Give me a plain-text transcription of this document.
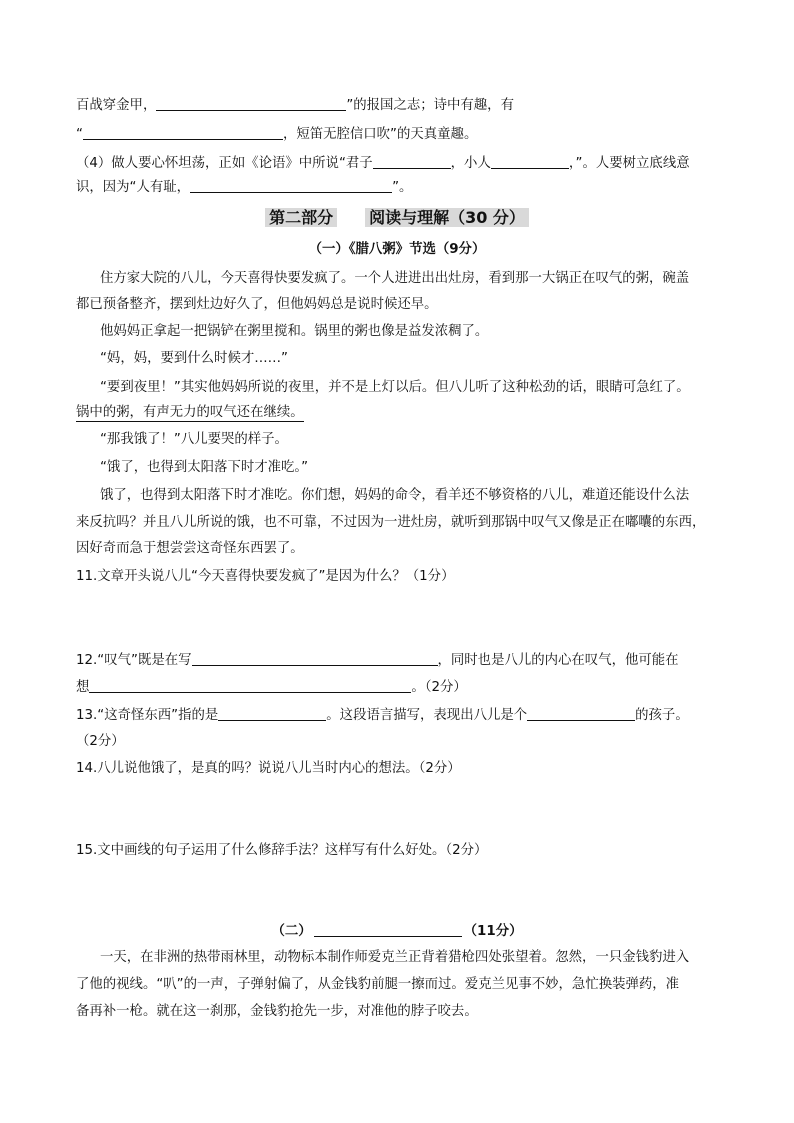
百战穿金甲，	”的报国之志；诗中有趣，有
“	，短笛无腔信口吹”的天真童趣。
（4）做人要心怀坦荡，正如《论语》中所说“君子	，小人	，”。人要树立底线意
识，因为“人有耻，	”。
第二部分 阅读与理解（30 分）
（一）《腊八粥》节选（9分）
住方家大院的八儿，今天喜得快要发疯了。一个人进进出出灶房，看到那一大锅正在叹气的粥，碗盖
都已预备整齐，摆到灶边好久了，但他妈妈总是说时候还早。
他妈妈正拿起一把锅铲在粥里搅和。锅里的粥也像是益发浓稠了。
“妈，妈，要到什么时候才……”
“要到夜里！”其实他妈妈所说的夜里，并不是上灯以后。但八儿听了这种松劲的话，眼睛可急红了。
锅中的粥，有声无力的叹气还在继续。
“那我饿了！”八儿要哭的样子。
“饿了，也得到太阳落下时才准吃。”
饿了，也得到太阳落下时才准吃。你们想，妈妈的命令，看羊还不够资格的八儿，难道还能设什么法
来反抗吗？并且八儿所说的饿，也不可靠，不过因为一进灶房，就听到那锅中叹气又像是正在嘟囔的东西，
因好奇而急于想尝尝这奇怪东西罢了。
11.文章开头说八儿“今天喜得快要发疯了”是因为什么？（1分）
12.“叹气”既是在写	，同时也是八儿的内心在叹气，他可能在
想	。（2分）
13.“这奇怪东西”指的是	。这段语言描写，表现出八儿是个	的孩子。
（2分）
14.八儿说他饿了，是真的吗？说说八儿当时内心的想法。（2分）
15.文中画线的句子运用了什么修辞手法？这样写有什么好处。（2分）
（二）	（11分）
一天，在非洲的热带雨林里，动物标本制作师爱克兰正背着猎枪四处张望着。忽然，一只金钱豹进入
了他的视线。“叭”的一声，子弹射偏了，从金钱豹前腿一擦而过。爱克兰见事不妙，急忙换装弹药，准
备再补一枪。就在这一刹那，金钱豹抢先一步，对准他的脖子咬去。
